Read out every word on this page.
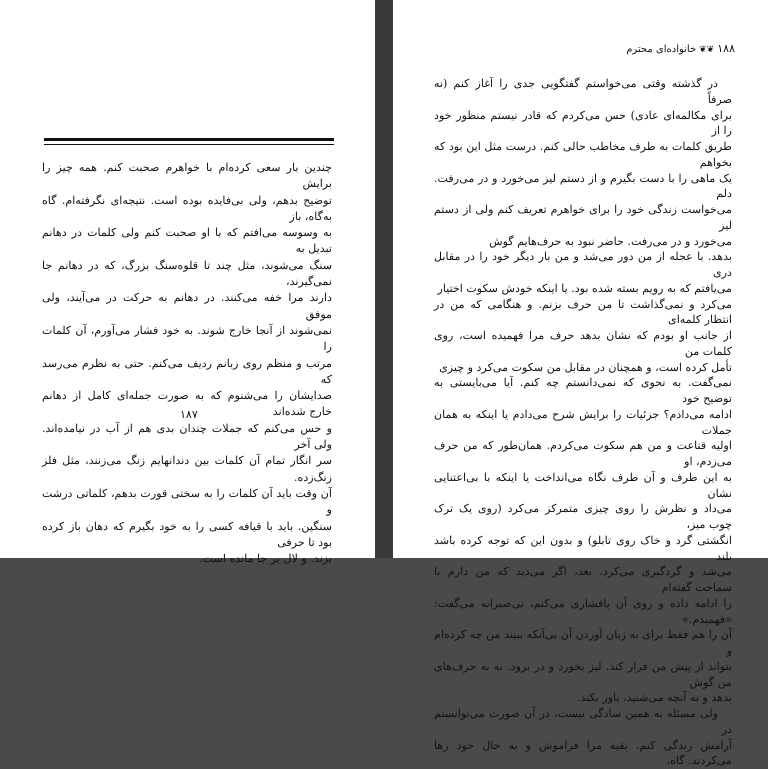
چندین بار سعی کرده‌ام با خواهرم صحبت کنم. همه چیز را برایش

توضیح بدهم، ولی بی‌فایده بوده است. نتیجه‌ای نگرفته‌ام. گاه به‌گاه، باز

به وسوسه می‌افتم که با او صحبت کنم ولی کلمات در دهانم تبدیل به

سنگ می‌شوند، مثل چند تا قلوه‌سنگ بزرگ، که در دهانم جا نمی‌گیرند،

دارند مرا خفه می‌کنند. در دهانم به حرکت در می‌آیند، ولی موفق

نمی‌شوند از آنجا خارج شوند. به خود فشار می‌آورم، آن کلمات را

مرتب و منظم روی زبانم ردیف می‌کنم. حتی به نظرم می‌رسد که

صدایشان را می‌شنوم که به صورت جمله‌ای کامل از دهانم خارج شده‌اند

و حس می‌کنم که جملات چندان بدی هم از آب در نیامده‌اند. ولی آخر

سر انگار تمام آن کلمات بین دندانهایم زنگ می‌زنند، مثل فلز زنگ‌زده.

آن وقت باید آن کلمات را به سختی قورت بدهم، کلماتی درشت و

سنگین. باید با قیافه‌ کسی را به خود بگیرم که دهان باز کرده بود تا حرفی

بزند. و لال بر جا مانده است.

۱۸۷
۱۸۸❦❦خانواده‌ای محترم

در گذشته وقتی می‌خواستم گفتگویی جدی را آغاز کنم (نه صرفاً

برای مکالمه‌ای عادی) حس می‌کردم که قادر نیستم منظور خود را از

طریق کلمات به طرف مخاطب حالی کنم. درست مثل این بود که بخواهم

یک ماهی را با دست بگیرم و از دستم لیز می‌خورد و در می‌رفت. دلم

می‌خواست زندگی خود را برای خواهرم تعریف کنم ولی از دستم لیز

می‌خورد و در می‌رفت. حاضر نبود به حرف‌هایم گوش

بدهد. با عجله از من دور می‌شد و من بار دیگر خود را در مقابل دری

می‌یافتم که به رویم بسته شده بود. یا اینکه خودش سکوت اختیار

می‌کرد و نمی‌گذاشت تا من حرف بزنم. و هنگامی که من در انتظار کلمه‌ای

از جانب او بودم که نشان بدهد حرف مرا فهمیده است، روی کلمات من

تأمل کرده است، و همچنان در مقابل من سکوت می‌کرد و چیزی

نمی‌گفت. به نحوی که نمی‌دانستم چه کنم. آیا می‌بایستی به توضیح خود

ادامه می‌دادم؟ جزئیات را برایش شرح می‌دادم یا اینکه به همان جملات

اولیه قناعت و من هم سکوت می‌کردم. همان‌طور که من حرف می‌زدم، او

به این طرف و آن طرف نگاه می‌انداخت یا اینکه با بی‌اعتنایی نشان

می‌داد و نظرش را روی چیزی متمرکز می‌کرد (روی یک ترک چوب میز،

انگشتی گرد و خاک روی تابلو) و بدون این که توجه کرده باشد بلند

می‌شد و گردگیری می‌کرد. بعد، اگر می‌دید که من دارم با سماجت گفته‌ام

را ادامه داده و روی آن پافشاری می‌کنم، بی‌صبرانه می‌گفت: «فهمیدم.»

آن را هم فقط برای به زبان آوردن آن بی‌آنکه ببیند من چه کرده‌ام و

بتواند از پیش من فرار کند. لیز بخورد و در برود. نه به حرف‌های من گوش

بدهد و نه آنچه می‌شنید، باور بکند.

ولی مسئله به همین سادگی نیست، در آن صورت می‌توانستم در

آرامش زندگی کنم. بقیه مرا فراموش و به حال خود رها می‌کردند. گاه،
